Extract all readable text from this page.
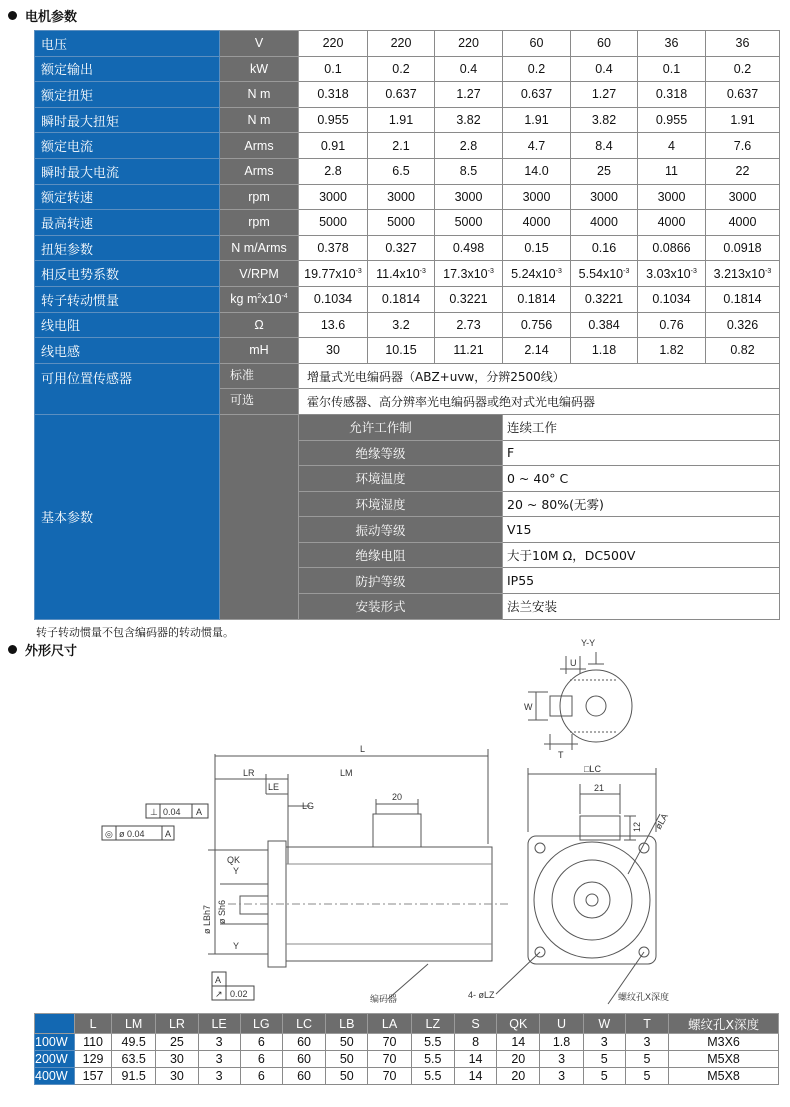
电机参数
电压	V	220	220	220	60	60	36	36
额定输出	kW	0.1	0.2	0.4	0.2	0.4	0.1	0.2
额定扭矩	N m	0.318	0.637	1.27	0.637	1.27	0.318	0.637
瞬时最大扭矩	N m	0.955	1.91	3.82	1.91	3.82	0.955	1.91
额定电流	Arms	0.91	2.1	2.8	4.7	8.4	4	7.6
瞬时最大电流	Arms	2.8	6.5	8.5	14.0	25	11	22
额定转速	rpm	3000	3000	3000	3000	3000	3000	3000
最高转速	rpm	5000	5000	5000	4000	4000	4000	4000
扭矩参数	N m/Arms	0.378	0.327	0.498	0.15	0.16	0.0866	0.0918
相反电势系数	V/RPM	$19.77x10^{-3}$	$11.4x10^{-3}$	$17.3x10^{-3}$	$5.24x10^{-3}$	$5.54x10^{-3}$	$3.03x10^{-3}$	$3.213x10^{-3}$
转子转动惯量	kg $m^2x10^{-4}$	0.1034	0.1814	0.3221	0.1814	0.3221	0.1034	0.1814
线电阻	Ω	13.6	3.2	2.73	0.756	0.384	0.76	0.326
线电感	mH	30	10.15	11.21	2.14	1.18	1.82	0.82
可用位置传感器	标准	增量式光电编码器（ABZ+uvw，分辨2500线）						
	可选	霍尔传感器、高分辨率光电编码器或绝对式光电编码器						
基本参数		允许工作制			连续工作			
		绝缘等级			F			
		环境温度			0 ~ 40° C			
		环境湿度			20 ~ 80%(无雾)			
		振动等级			V15			
		绝缘电阻			大于10M Ω，DC500V			
		防护等级			IP55			
		安装形式			法兰安装			
转子转动惯量不包含编码器的转动惯量。
外形尺寸
Y-Y
U
W
T
L
LR	LM
LE
LG
20
⊥ 0.04 A
◎ ø 0.04 A
QK
Y
Y
ø LBh7 ø Sh6
A
↗ 0.02	编码器
□LC
21
12 øLA
4- øLZ	螺纹孔X深度
	L	LM	LR	LE	LG	LC	LB	LA	LZ	S	QK	U	W	T	螺纹孔X深度
100W	110	49.5	25	3	6	60	50	70	5.5	8	14	1.8	3	3	M3X6
200W	129	63.5	30	3	6	60	50	70	5.5	14	20	3	5	5	M5X8
400W	157	91.5	30	3	6	60	50	70	5.5	14	20	3	5	5	M5X8
